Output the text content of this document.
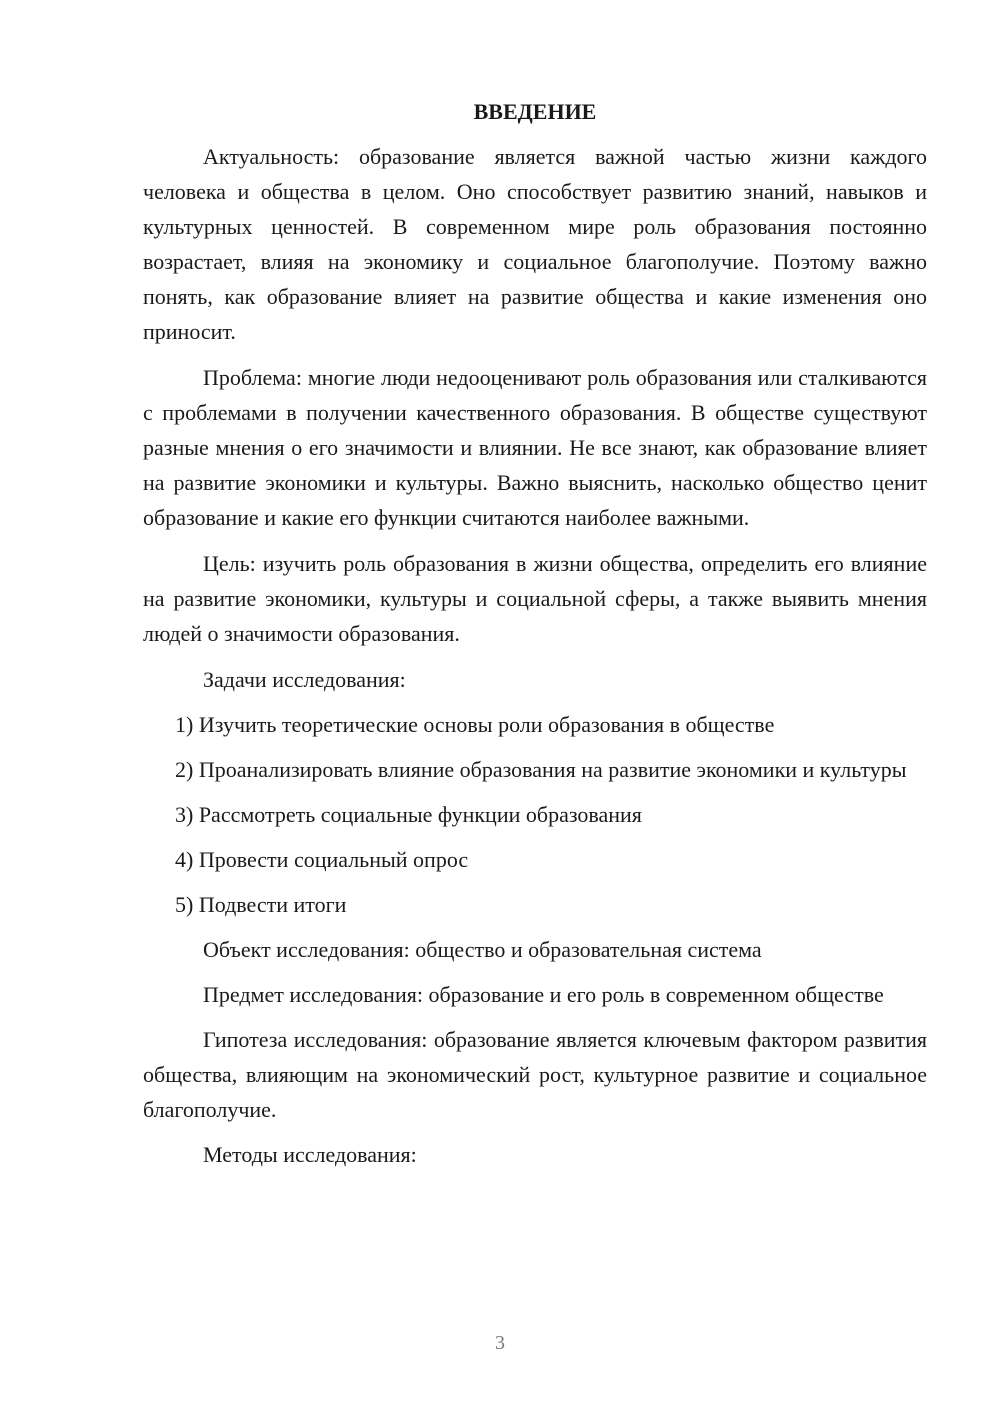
ВВЕДЕНИЕ

Актуальность: образование является важной частью жизни каждого человека и общества в целом. Оно способствует развитию знаний, навыков и культурных ценностей. В современном мире роль образования постоянно возрастает, влияя на экономику и социальное благополучие. Поэтому важно понять, как образование влияет на развитие общества и какие изменения оно приносит.

Проблема: многие люди недооценивают роль образования или сталкиваются с проблемами в получении качественного образования. В обществе существуют разные мнения о его значимости и влиянии. Не все знают, как образование влияет на развитие экономики и культуры. Важно выяснить, насколько общество ценит образование и какие его функции считаются наиболее важными.

Цель: изучить роль образования в жизни общества, определить его влияние на развитие экономики, культуры и социальной сферы, а также выявить мнения людей о значимости образования.

Задачи исследования:

1) Изучить теоретические основы роли образования в обществе

2) Проанализировать влияние образования на развитие экономики и культуры

3) Рассмотреть социальные функции образования

4) Провести социальный опрос

5) Подвести итоги

Объект исследования: общество и образовательная система

Предмет исследования: образование и его роль в современном обществе

Гипотеза исследования: образование является ключевым фактором развития общества, влияющим на экономический рост, культурное развитие и социальное благополучие.

Методы исследования:

3
